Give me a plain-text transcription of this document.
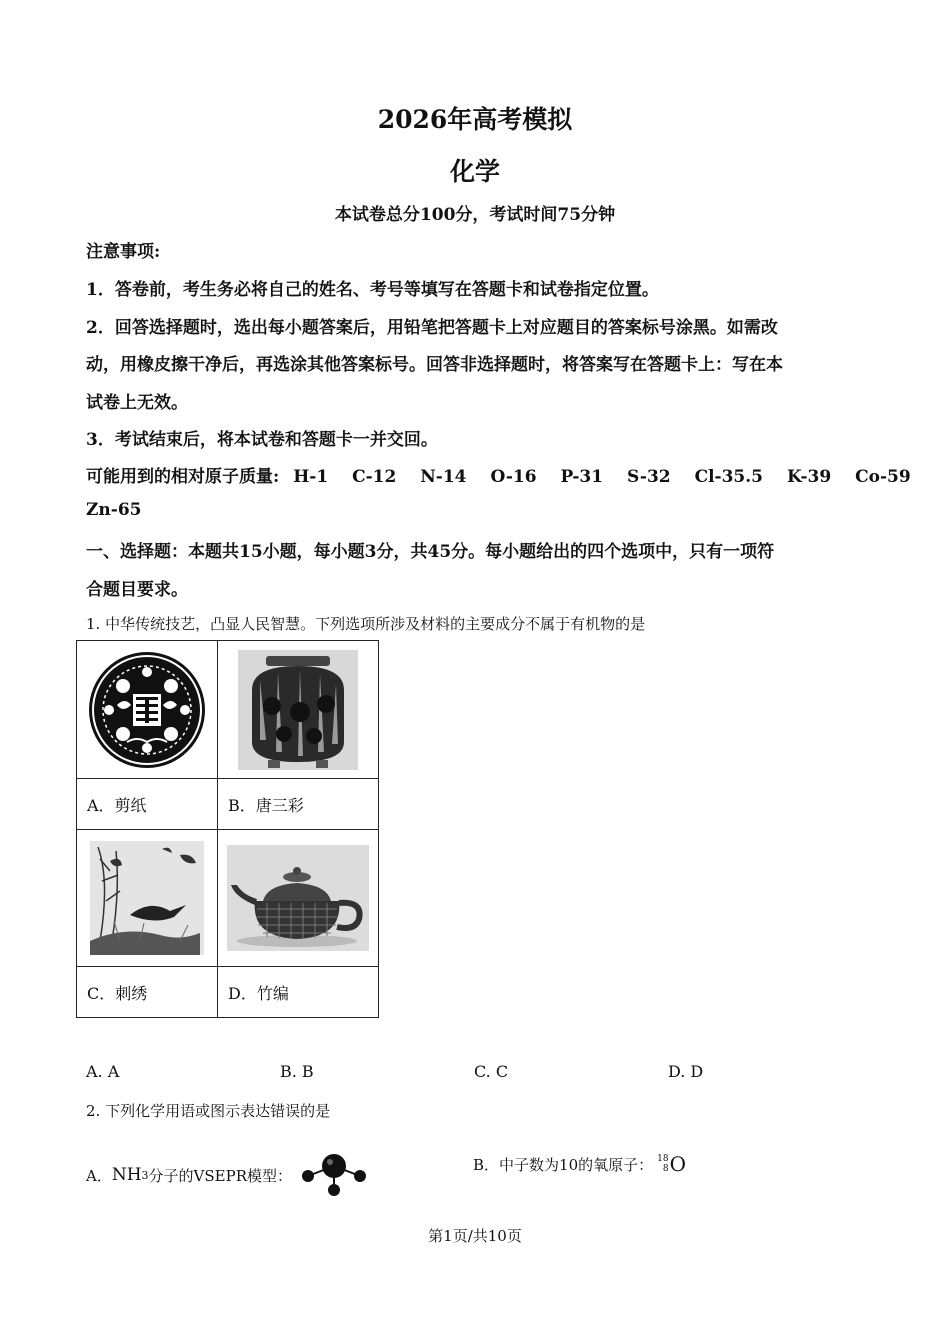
2026年高考模拟
化学
本试卷总分100分，考试时间75分钟
注意事项:
1．答卷前，考生务必将自己的姓名、考号等填写在答题卡和试卷指定位置。
2．回答选择题时，选出每小题答案后，用铅笔把答题卡上对应题目的答案标号涂黑。如需改
动，用橡皮擦干净后，再选涂其他答案标号。回答非选择题时，将答案写在答题卡上：写在本
试卷上无效。
3．考试结束后，将本试卷和答题卡一并交回。
可能用到的相对原子质量: H-1 C-12 N-14 O-16 P-31 S-32 Cl-35.5 K-39 Co-59
Zn-65
一、选择题：本题共15小题，每小题3分，共45分。每小题给出的四个选项中，只有一项符
合题目要求。
1. 中华传统技艺，凸显人民智慧。下列选项所涉及材料的主要成分不属于有机物的是

A．剪纸	B．唐三彩

C．刺绣	D．竹编
A. A	B. B	C. C	D. D
2. 下列化学用语或图示表达错误的是
A． NH 3 分子的VSEPR模型：
B． 中子数为10的氧原子： 18
8 O
第1页/共10页
